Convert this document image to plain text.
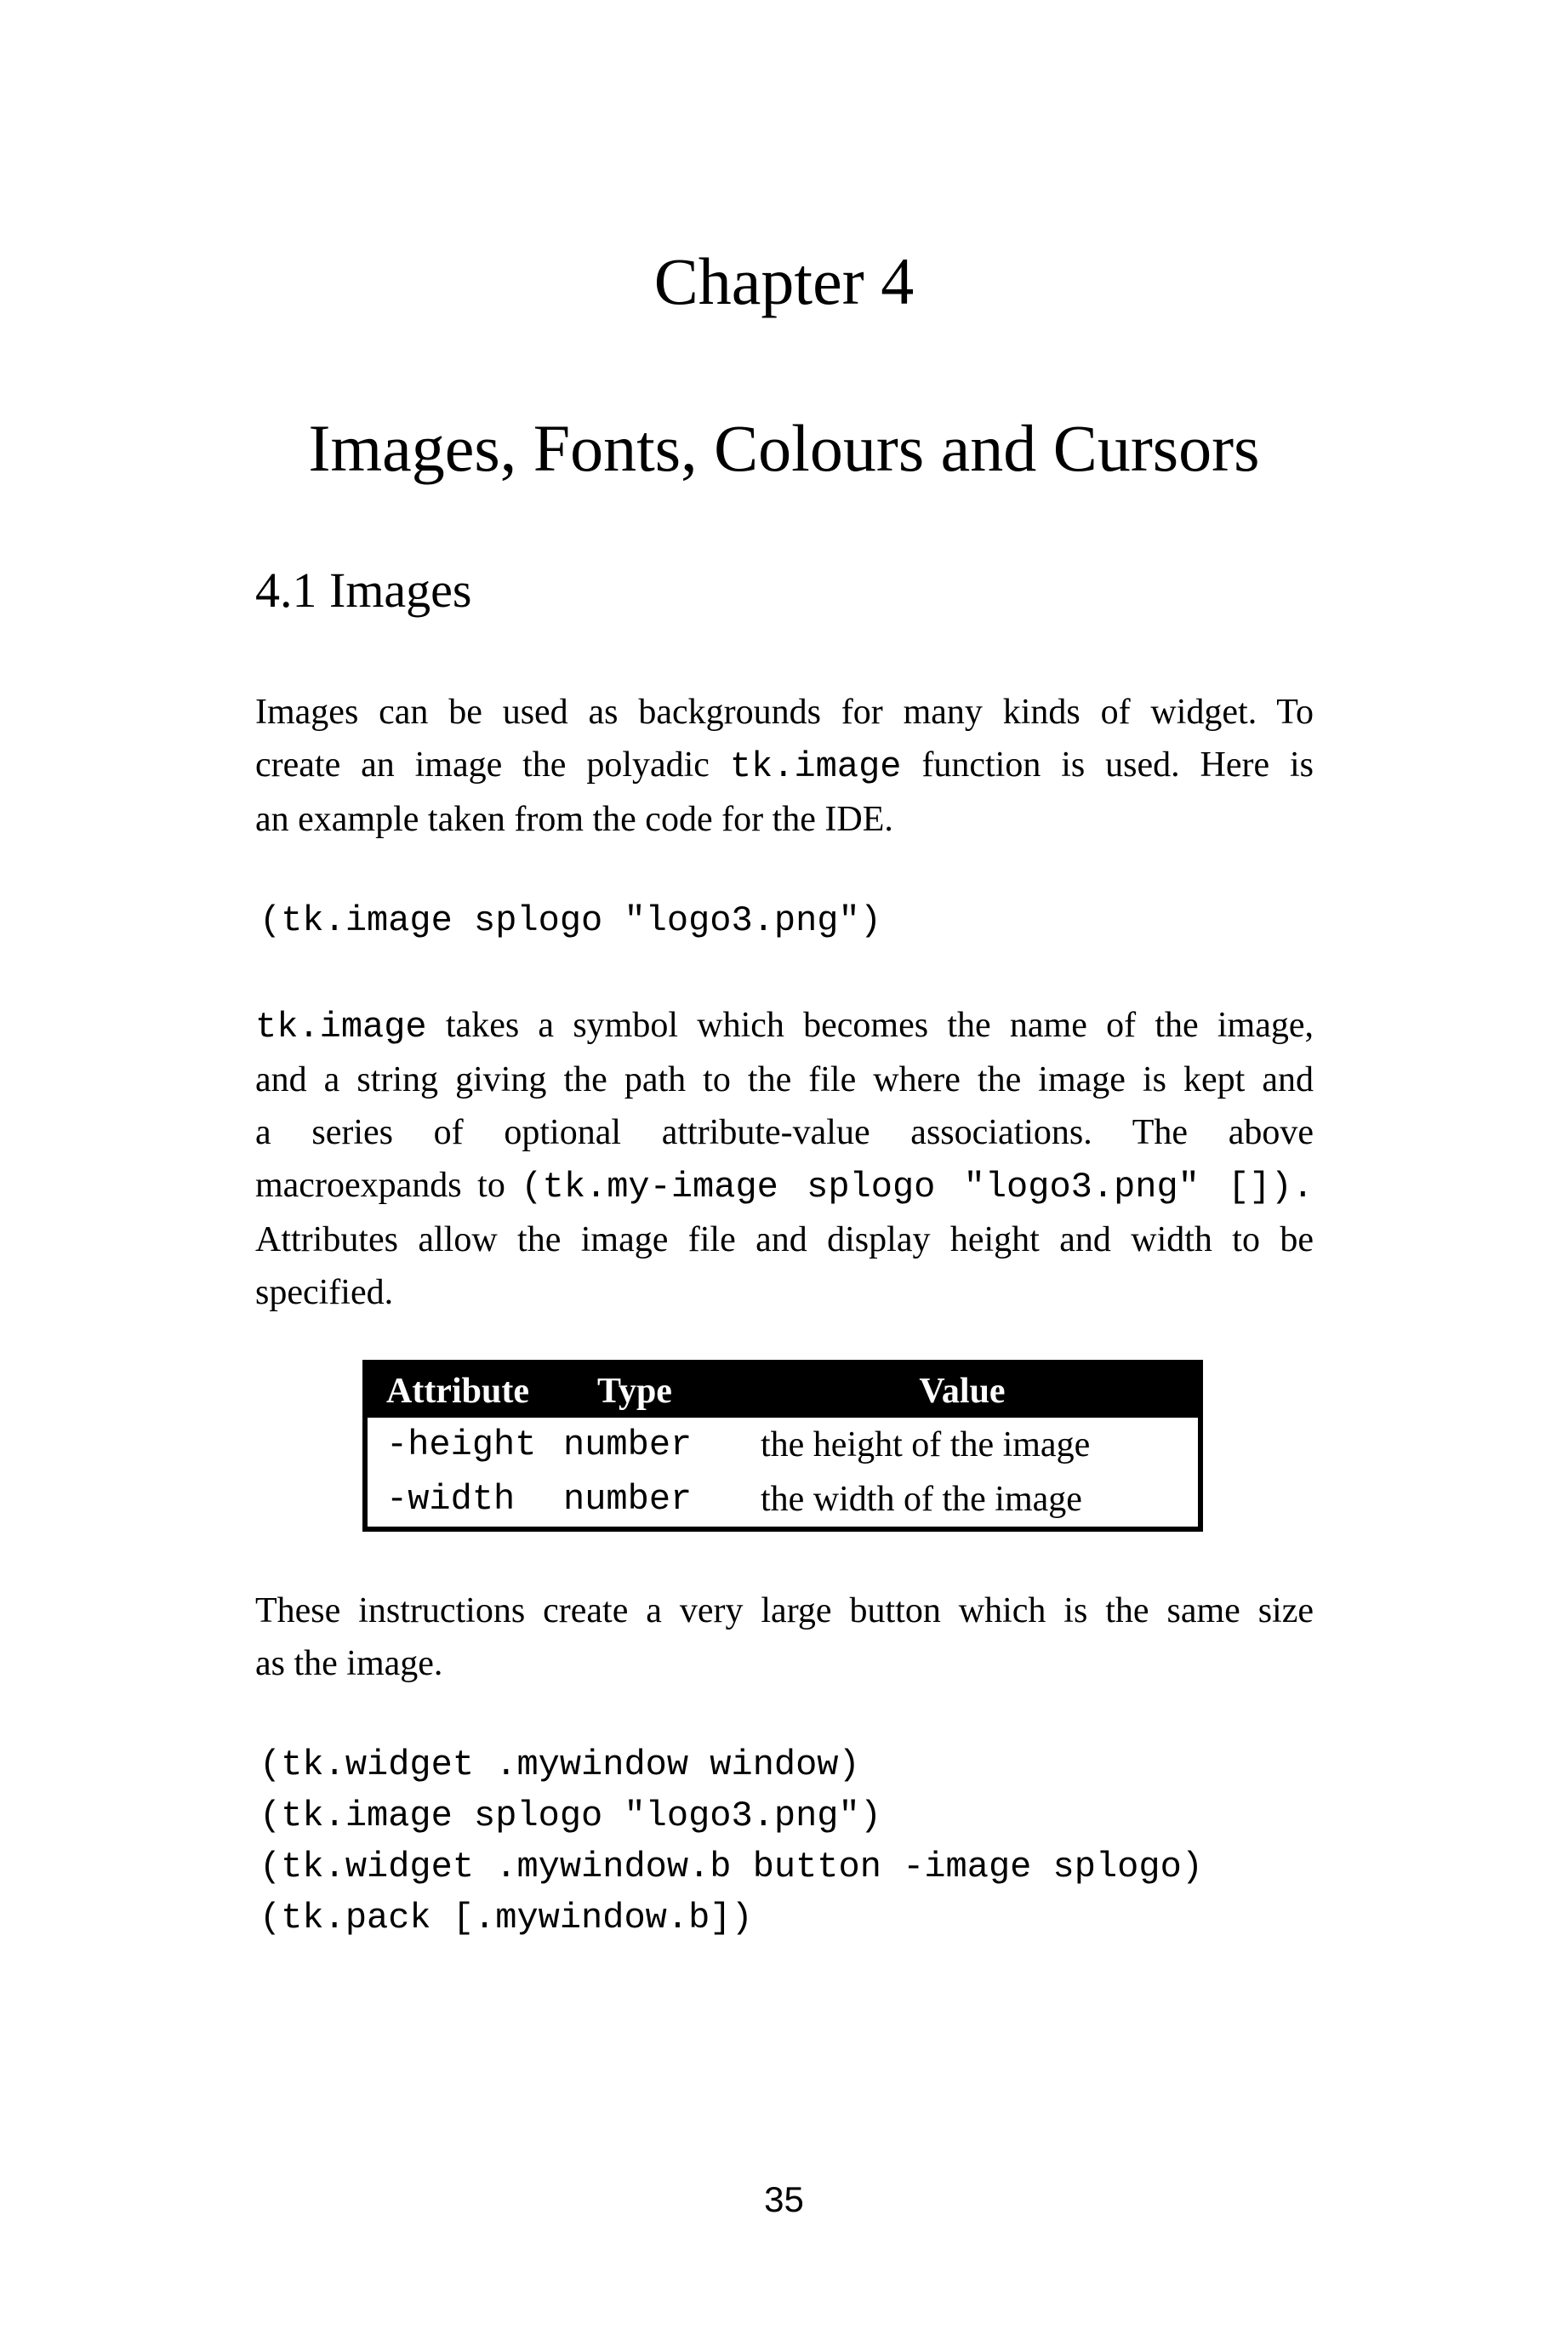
Chapter 4
Images, Fonts, Colours and Cursors
4.1 Images
Images can be used as backgrounds for many kinds of widget. To
create an image the polyadic tk.image function is used. Here is
an example taken from the code for the IDE.
(tk.image splogo "logo3.png")
tk.image takes a symbol which becomes the name of the image,
and a string giving the path to the file where the image is kept and
a series of optional attribute-value associations. The above
macroexpands to (tk.my-image splogo "logo3.png" []).
Attributes allow the image file and display height and width to be
specified.
Attribute	Type	Value
-height number	the height of the image
-width	number	the width of the image
These instructions create a very large button which is the same size
as the image.
(tk.widget .mywindow window)
(tk.image splogo "logo3.png")
(tk.widget .mywindow.b button -image splogo)
(tk.pack [.mywindow.b])
35
